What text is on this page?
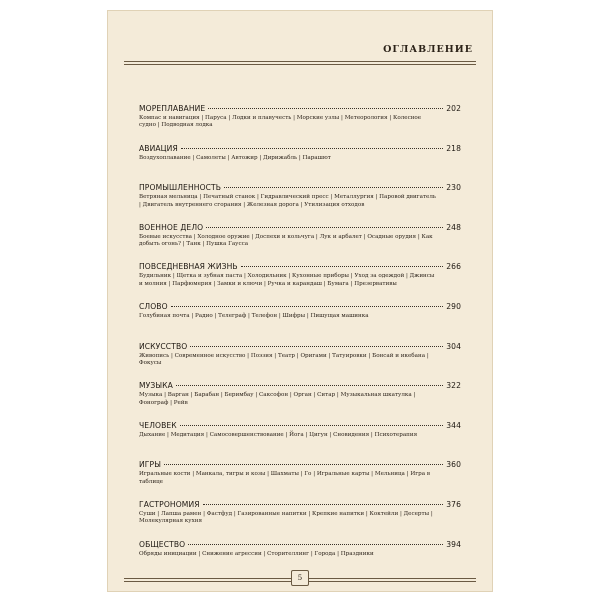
ОГЛАВЛЕНИЕ
МОРЕПЛАВАНИЕ	202
Компас и навигация | Паруса | Лодки и плавучесть | Морские узлы | Метеорология | Колесное судно | Подводная лодка
АВИАЦИЯ	218
Воздухоплавание | Самолеты | Автожир | Дирижабль | Парашют
ПРОМЫШЛЕННОСТЬ	230
Ветряная мельница | Печатный станок | Гидравлический пресс | Металлургия | Паровой двигатель | Двигатель внутреннего сгорания | Железная дорога | Утилизация отходов
ВОЕННОЕ ДЕЛО	248
Боевые искусства | Холодное оружие | Доспехи и кольчуга | Лук и арбалет | Осадные орудия | Как добыть огонь? | Танк | Пушка Гаусса
ПОВСЕДНЕВНАЯ ЖИЗНЬ	266
Будильник | Щетка и зубная паста | Холодильник | Кухонные приборы | Уход за одеждой | Джинсы и молния | Парфюмерия | Замки и ключи | Ручка и карандаш | Бумага | Презервативы
СЛОВО	290
Голубиная почта | Радио | Телеграф | Телефон | Шифры | Пишущая машинка
ИСКУССТВО	304
Живопись | Современное искусство | Поэзия | Театр | Оригами | Татуировки | Бонсай и икебана | Фокусы
МУЗЫКА	322
Музыка | Варган | Барабан | Беримбау | Саксофон | Орган | Ситар | Музыкальная шкатулка | Фонограф | Рейв
ЧЕЛОВЕК	344
Дыхание | Медитация | Самосовершенствование | Йога | Цигун | Сновидения | Психотерапия
ИГРЫ	360
Игральные кости | Манкала, тигры и козы | Шахматы | Го | Игральные карты | Мельница | Игра в таблице
ГАСТРОНОМИЯ	376
Суши | Лапша рамен | Фастфуд | Газированные напитки | Крепкие напитки | Коктейли | Десерты | Молекулярная кухня
ОБЩЕСТВО	394
Обряды инициации | Снижение агрессии | Сторителлинг | Города | Праздники
5
